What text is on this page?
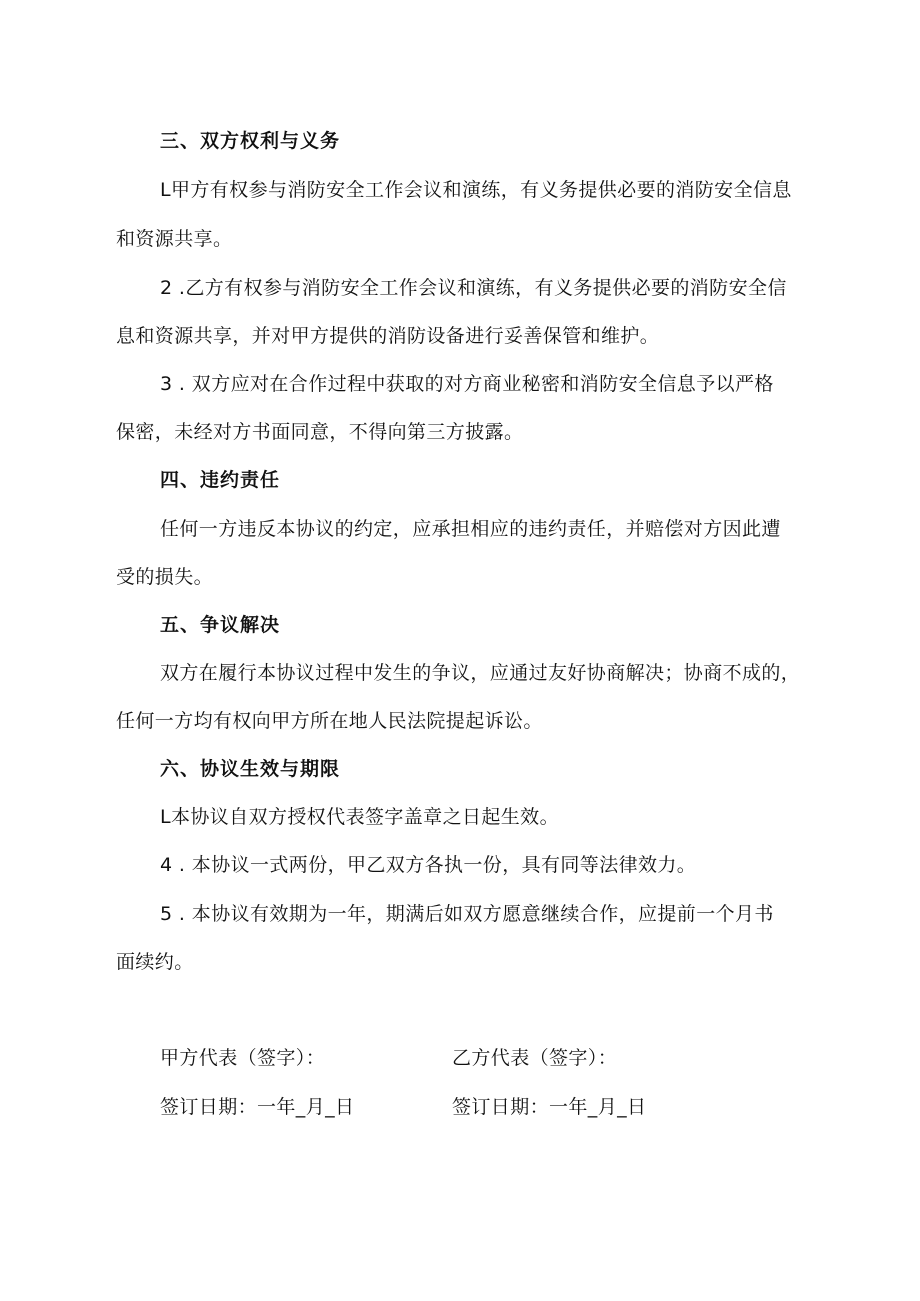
三、双方权利与义务
L甲方有权参与消防安全工作会议和演练，有义务提供必要的消防安全信息
和资源共享。
2 .乙方有权参与消防安全工作会议和演练，有义务提供必要的消防安全信
息和资源共享，并对甲方提供的消防设备进行妥善保管和维护。
3 . 双方应对在合作过程中获取的对方商业秘密和消防安全信息予以严格
保密，未经对方书面同意，不得向第三方披露。
四、违约责任
任何一方违反本协议的约定，应承担相应的违约责任，并赔偿对方因此遭
受的损失。
五、争议解决
双方在履行本协议过程中发生的争议，应通过友好协商解决；协商不成的，
任何一方均有权向甲方所在地人民法院提起诉讼。
六、协议生效与期限
L本协议自双方授权代表签字盖章之日起生效。
4 . 本协议一式两份，甲乙双方各执一份，具有同等法律效力。
5 . 本协议有效期为一年，期满后如双方愿意继续合作，应提前一个月书
面续约。
甲方代表（签字）：	乙方代表（签字）：
签订日期：一年_月_日	签订日期：一年_月_日
